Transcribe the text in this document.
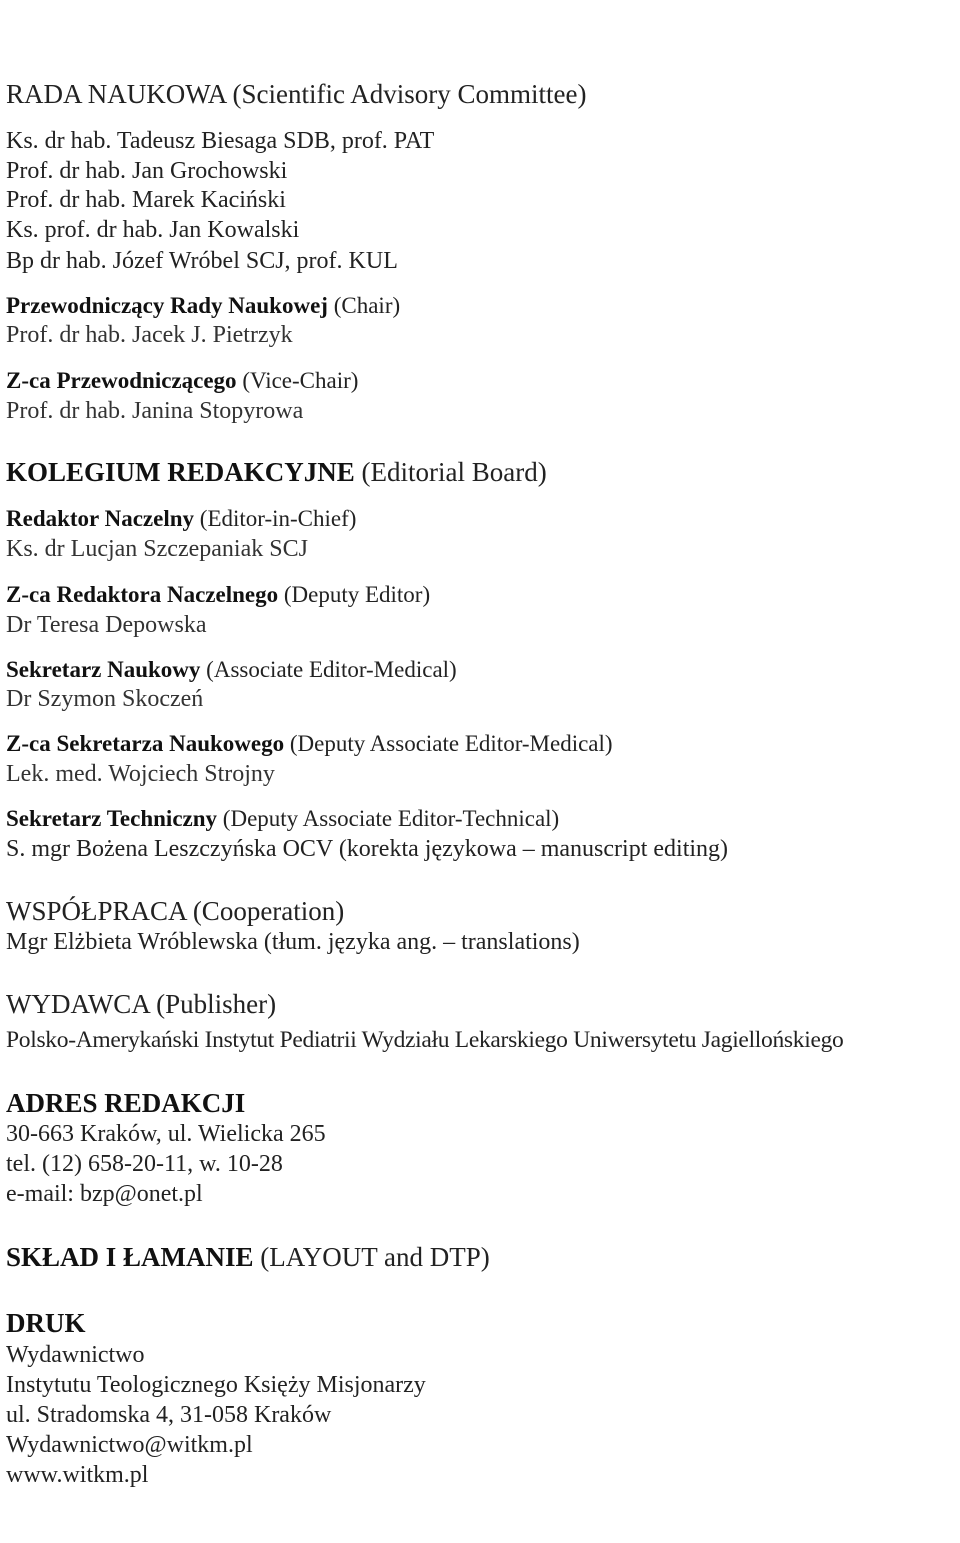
RADA NAUKOWA (Scientific Advisory Committee)
Ks. dr hab. Tadeusz Biesaga SDB, prof. PAT
Prof. dr hab. Jan Grochowski
Prof. dr hab. Marek Kaciński
Ks. prof. dr hab. Jan Kowalski
Bp dr hab. Józef Wróbel SCJ, prof. KUL
Przewodniczący Rady Naukowej (Chair)
Prof. dr hab. Jacek J. Pietrzyk
Z-ca Przewodniczącego (Vice-Chair)
Prof. dr hab. Janina Stopyrowa
KOLEGIUM REDAKCYJNE (Editorial Board)
Redaktor Naczelny (Editor-in-Chief)
Ks. dr Lucjan Szczepaniak SCJ
Z-ca Redaktora Naczelnego (Deputy Editor)
Dr Teresa Depowska
Sekretarz Naukowy (Associate Editor-Medical)
Dr Szymon Skoczeń
Z-ca Sekretarza Naukowego (Deputy Associate Editor-Medical)
Lek. med. Wojciech Strojny
Sekretarz Techniczny (Deputy Associate Editor-Technical)
S. mgr Bożena Leszczyńska OCV (korekta językowa – manuscript editing)
WSPÓŁPRACA (Cooperation)
Mgr Elżbieta Wróblewska (tłum. języka ang. – translations)
WYDAWCA (Publisher)
Polsko-Amerykański Instytut Pediatrii Wydziału Lekarskiego Uniwersytetu Jagiellońskiego
ADRES REDAKCJI
30-663 Kraków, ul. Wielicka 265
tel. (12) 658-20-11, w. 10-28
e-mail: bzp@onet.pl
SKŁAD I ŁAMANIE (LAYOUT and DTP)
DRUK
Wydawnictwo
Instytutu Teologicznego Księży Misjonarzy
ul. Stradomska 4, 31-058 Kraków
Wydawnictwo@witkm.pl
www.witkm.pl
